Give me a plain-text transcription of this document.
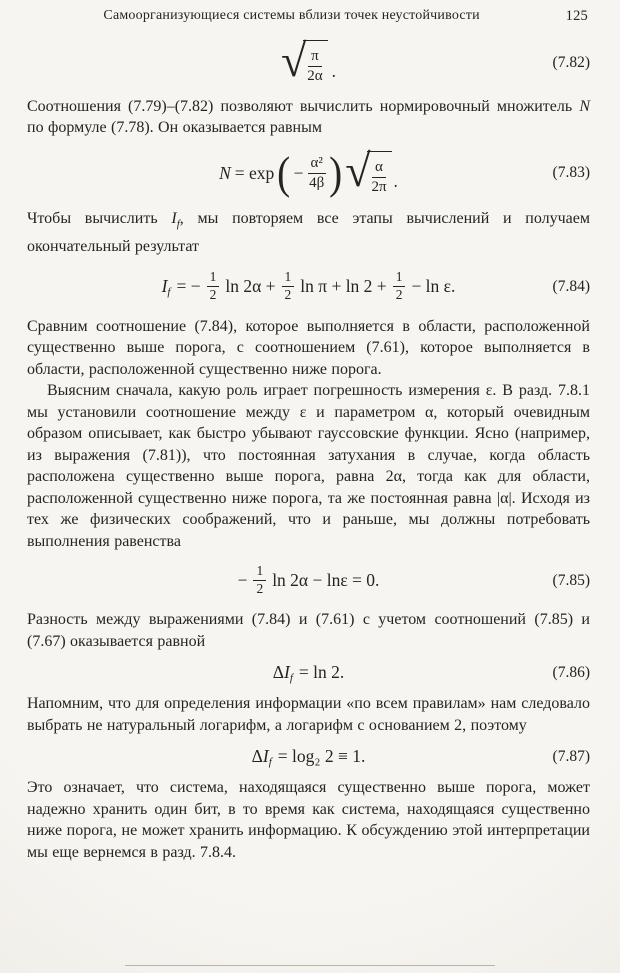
Самоорганизующиеся системы вблизи точек неустойчивости	125
√ $\frac{\pi}{2\alpha}$ .	(7.82)

Соотношения (7.79)–(7.82) позволяют вычислить нормировочный множитель N по формуле (7.78). Он оказывается равным

N = exp ( − $\frac{\text{α²}}{4\beta}$ ) √ $\frac{\alpha}{2\pi}$ .	(7.83)

Чтобы вычислить $I_f$, мы повторяем все этапы вычислений и получаем окончательный результат

$I_f$ = − $\frac{1}{2}$ $\ln 2\alpha + \frac{1}{2}$ $\ln \pi + \ln 2 + \frac{1}{2} - \ln \varepsilon$.	(7.84)

Сравним соотношение (7.84), которое выполняется в области, расположенной существенно выше порога, с соотношением (7.61), которое выполняется в области, расположенной существенно ниже порога.

Выясним сначала, какую роль играет погрешность измерения ε. В разд. 7.8.1 мы установили соотношение между ε и параметром α, который очевидным образом описывает, как быстро убывают гауссовские функции. Ясно (например, из выражения (7.81)), что постоянная затухания в случае, когда область расположена существенно выше порога, равна 2α, тогда как для области, расположенной существенно ниже порога, та же постоянная равна |α|. Исходя из тех же физических соображений, что и раньше, мы должны потребовать выполнения равенства

− $\frac{1}{2}$ ln 2α − lnε = 0.	(7.85)

Разность между выражениями (7.84) и (7.61) с учетом соотношений (7.85) и (7.67) оказывается равной

Δ $I_f = \ln 2$.	(7.86)

Напомним, что для определения информации «по всем правилам» нам следовало выбрать не натуральный логарифм, а логарифм с основанием 2, поэтому

Δ $I_f = \log_2$ 2 ≡ 1.	(7.87)

Это означает, что система, находящаяся существенно выше порога, может надежно хранить один бит, в то время как система, находящаяся существенно ниже порога, не может хранить информацию. К обсуждению этой интерпретации мы еще вернемся в разд. 7.8.4.
